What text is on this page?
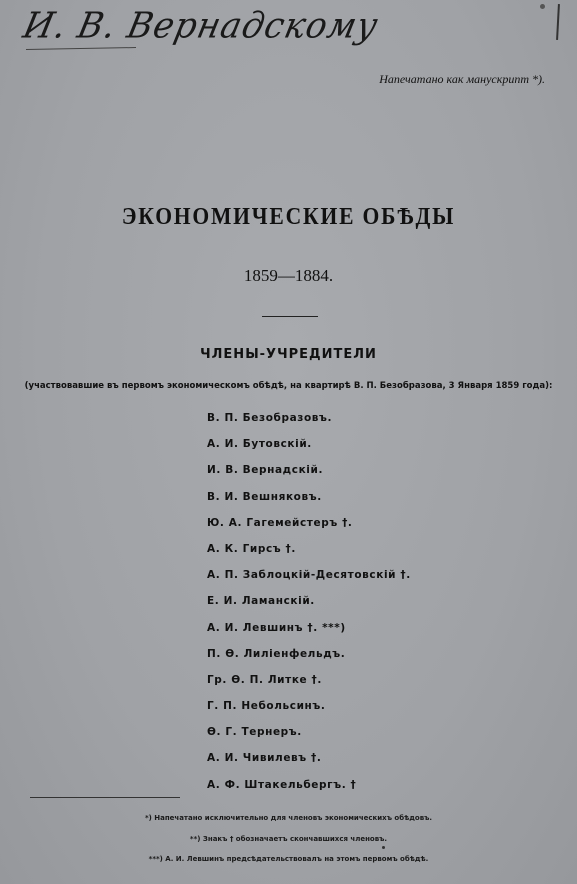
И. В. Вернадскому
Напечатано как манускрипт *).
ЭКОНОМИЧЕСКИЕ ОБѢДЫ
1859—1884.
ЧЛЕНЫ-УЧРЕДИТЕЛИ
(участвовавшие въ первомъ экономическомъ обѣдѣ, на квартирѣ В. П. Безобразова, 3 Января 1859 года):
В. П. Безобразовъ.
А. И. Бутовскій.
И. В. Вернадскій.
В. И. Вешняковъ.
Ю. А. Гагемейстеръ †.
А. К. Гирсъ †.
А. П. Заблоцкій-Десятовскій †.
Е. И. Ламанскій.
А. И. Левшинъ †. ***)
П. Ѳ. Лиліенфельдъ.
Гр. Ѳ. П. Литке †.
Г. П. Небольсинъ.
Ѳ. Г. Тернеръ.
А. И. Чивилевъ †.
А. Ф. Штакельбергъ. †
*) Напечатано исключительно для членовъ экономическихъ обѣдовъ.
**) Знакъ † обозначаетъ скончавшихся членовъ.
***) А. И. Левшинъ предсѣдательствовалъ на этомъ первомъ обѣдѣ.
